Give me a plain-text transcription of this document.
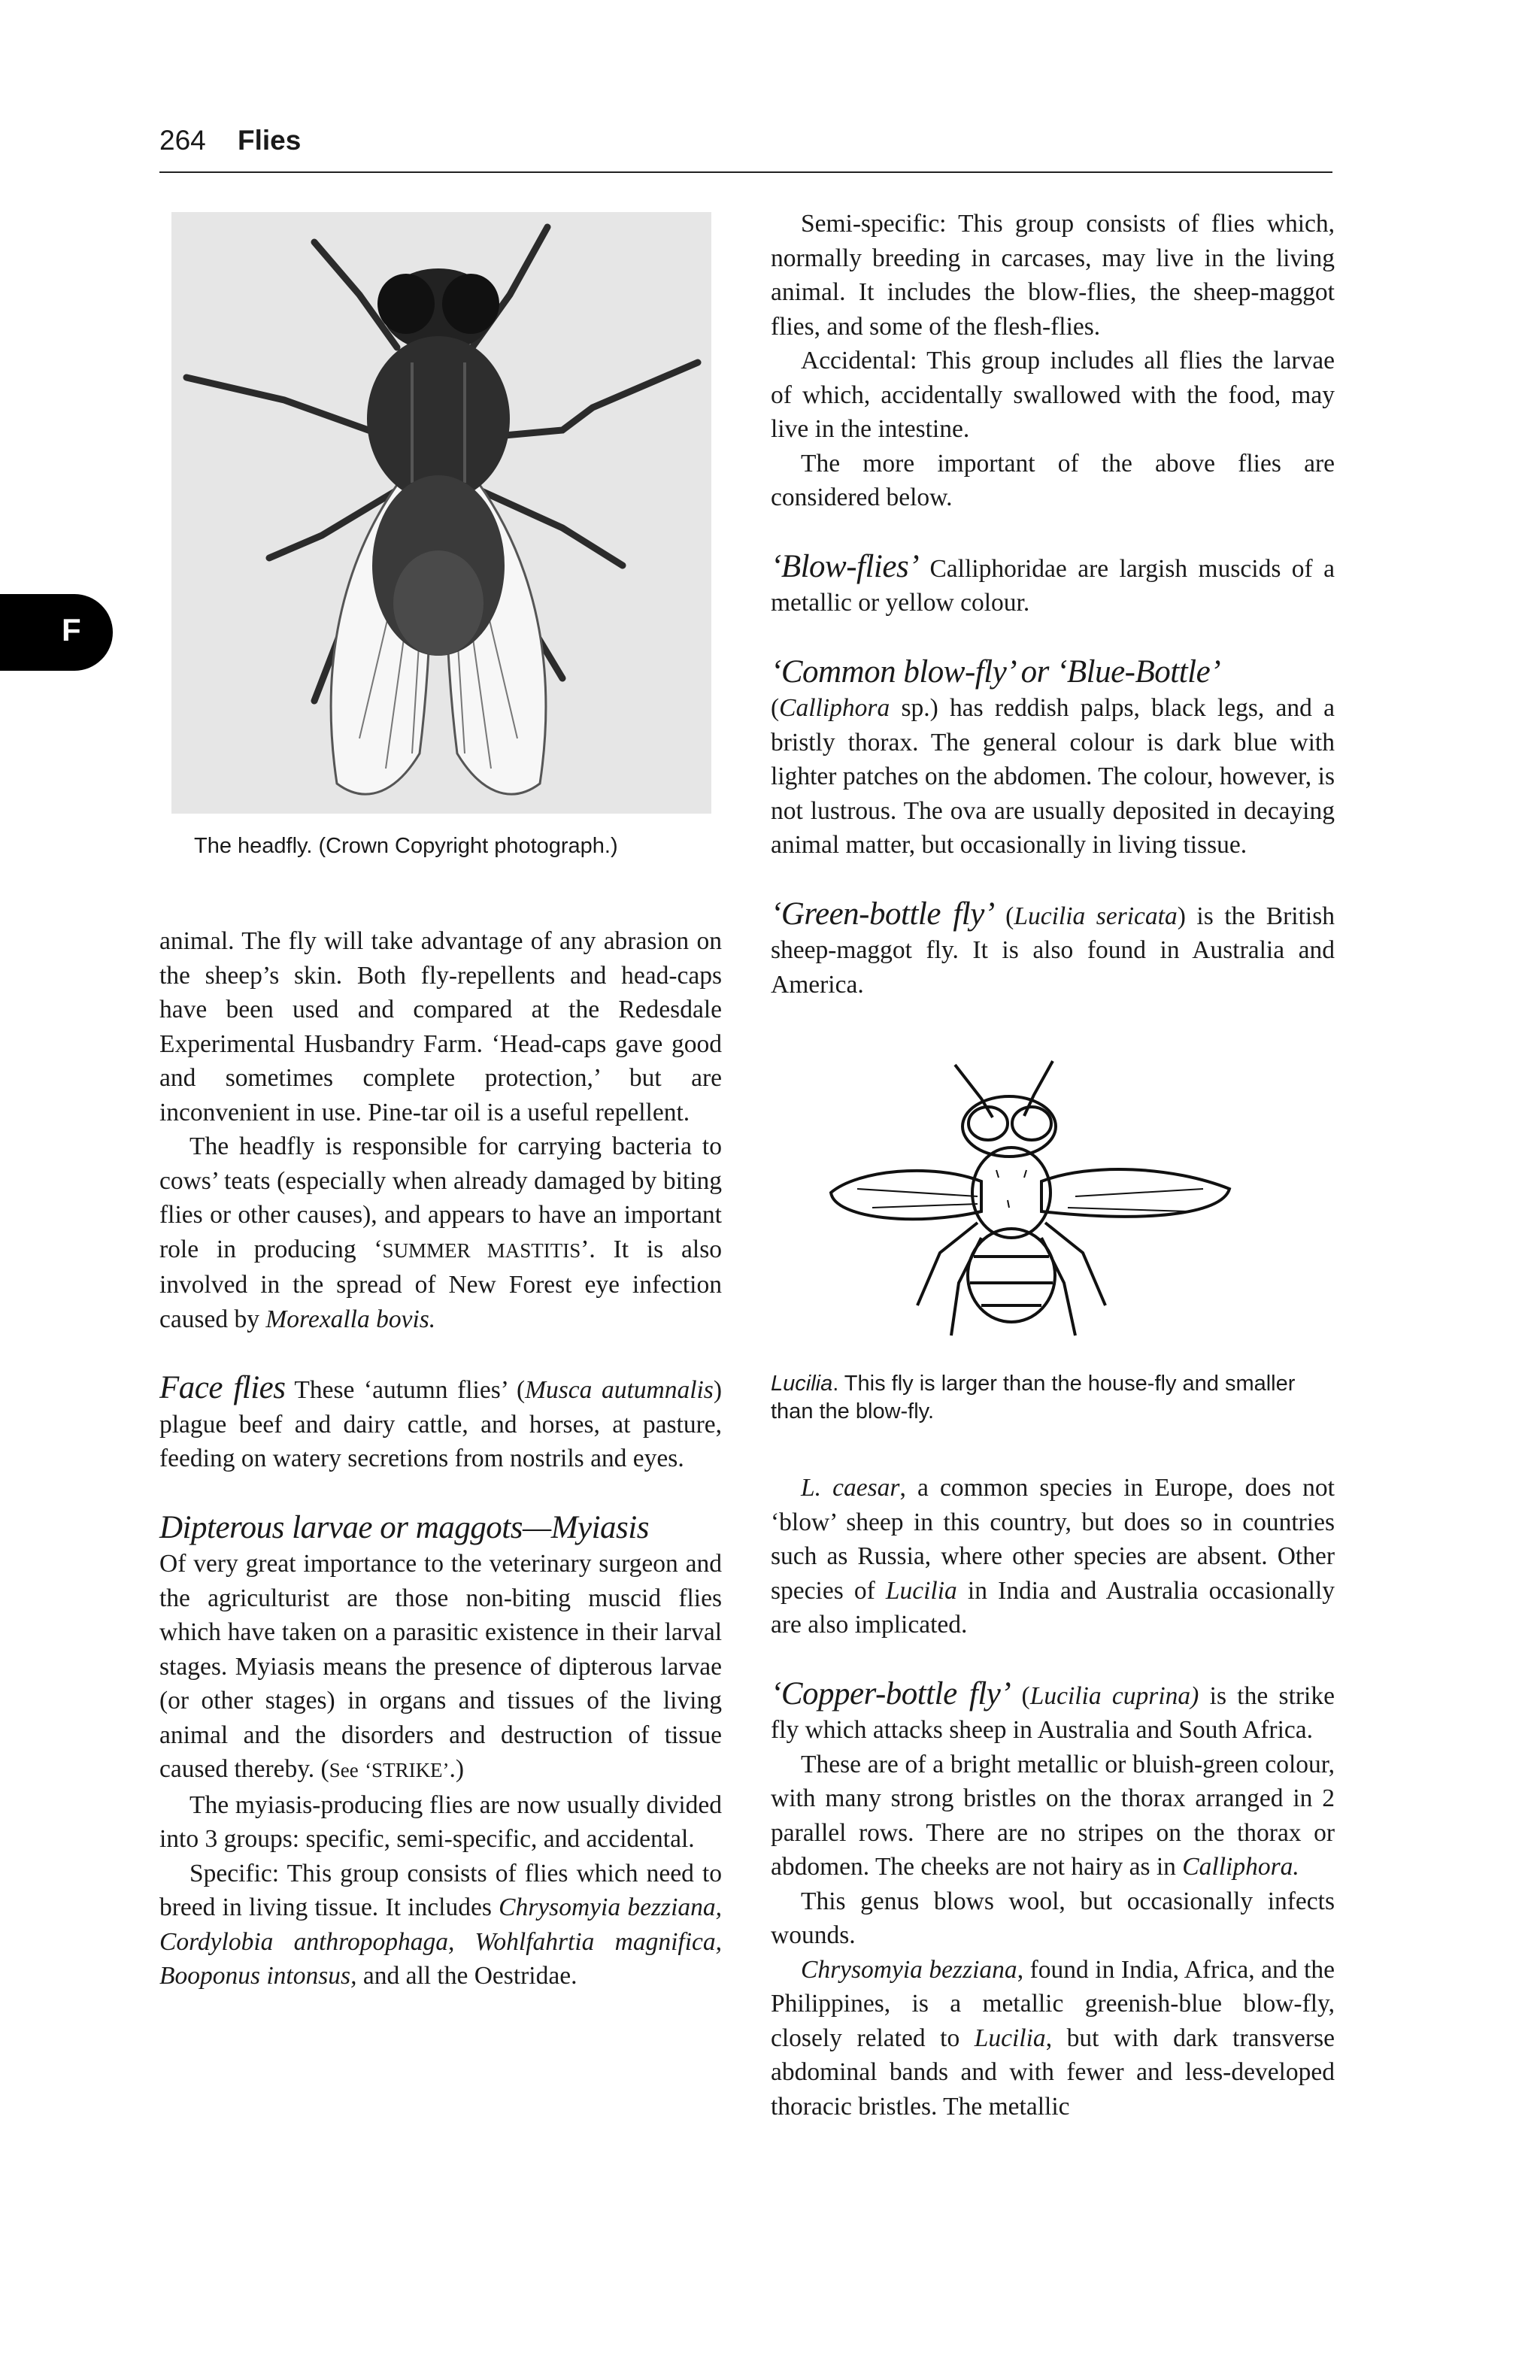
264 Flies
F
The headfly. (Crown Copyright photograph.)

animal. The fly will take advantage of any abrasion on the sheep’s skin. Both fly-repellents and head-caps have been used and compared at the Redesdale Experimental Husbandry Farm. ‘Head-caps gave good and sometimes complete protection,’ but are inconvenient in use. Pine-tar oil is a useful repellent.

The headfly is responsible for carrying bacteria to cows’ teats (especially when already damaged by biting flies or other causes), and appears to have an important role in producing ‘SUMMER MASTITIS’. It is also involved in the spread of New Forest eye infection caused by Morexalla bovis.

Face flies These ‘autumn flies’ (Musca autumnalis) plague beef and dairy cattle, and horses, at pasture, feeding on watery secretions from nostrils and eyes.

Dipterous larvae or maggots—Myiasis

Of very great importance to the veterinary surgeon and the agriculturist are those non-biting muscid flies which have taken on a parasitic existence in their larval stages. Myiasis means the presence of dipterous larvae (or other stages) in organs and tissues of the living animal and the disorders and destruction of tissue caused thereby. (See ‘STRIKE’.)

The myiasis-producing flies are now usually divided into 3 groups: specific, semi-specific, and accidental.

Specific: This group consists of flies which need to breed in living tissue. It includes Chrysomyia bezziana, Cordylobia anthropophaga, Wohlfahrtia magnifica, Booponus intonsus, and all the Oestridae.

Semi-specific: This group consists of flies which, normally breeding in carcases, may live in the living animal. It includes the blow-flies, the sheep-maggot flies, and some of the flesh-flies.

Accidental: This group includes all flies the larvae of which, accidentally swallowed with the food, may live in the intestine.

The more important of the above flies are considered below.

‘Blow-flies’ Calliphoridae are largish muscids of a metallic or yellow colour.

‘Common blow-fly’ or ‘Blue-Bottle’

(Calliphora sp.) has reddish palps, black legs, and a bristly thorax. The general colour is dark blue with lighter patches on the abdomen. The colour, however, is not lustrous. The ova are usually deposited in decaying animal matter, but occasionally in living tissue.

‘Green-bottle fly’ (Lucilia sericata) is the British sheep-maggot fly. It is also found in Australia and America.

Lucilia. This fly is larger than the house-fly and smaller than the blow-fly.

L. caesar, a common species in Europe, does not ‘blow’ sheep in this country, but does so in countries such as Russia, where other species are absent. Other species of Lucilia in India and Australia occasionally are also implicated.

‘Copper-bottle fly’ (Lucilia cuprina) is the strike fly which attacks sheep in Australia and South Africa.

These are of a bright metallic or bluish-green colour, with many strong bristles on the thorax arranged in 2 parallel rows. There are no stripes on the thorax or abdomen. The cheeks are not hairy as in Calliphora.

This genus blows wool, but occasionally infects wounds.

Chrysomyia bezziana, found in India, Africa, and the Philippines, is a metallic greenish-blue blow-fly, closely related to Lucilia, but with dark transverse abdominal bands and with fewer and less-developed thoracic bristles. The metallic
